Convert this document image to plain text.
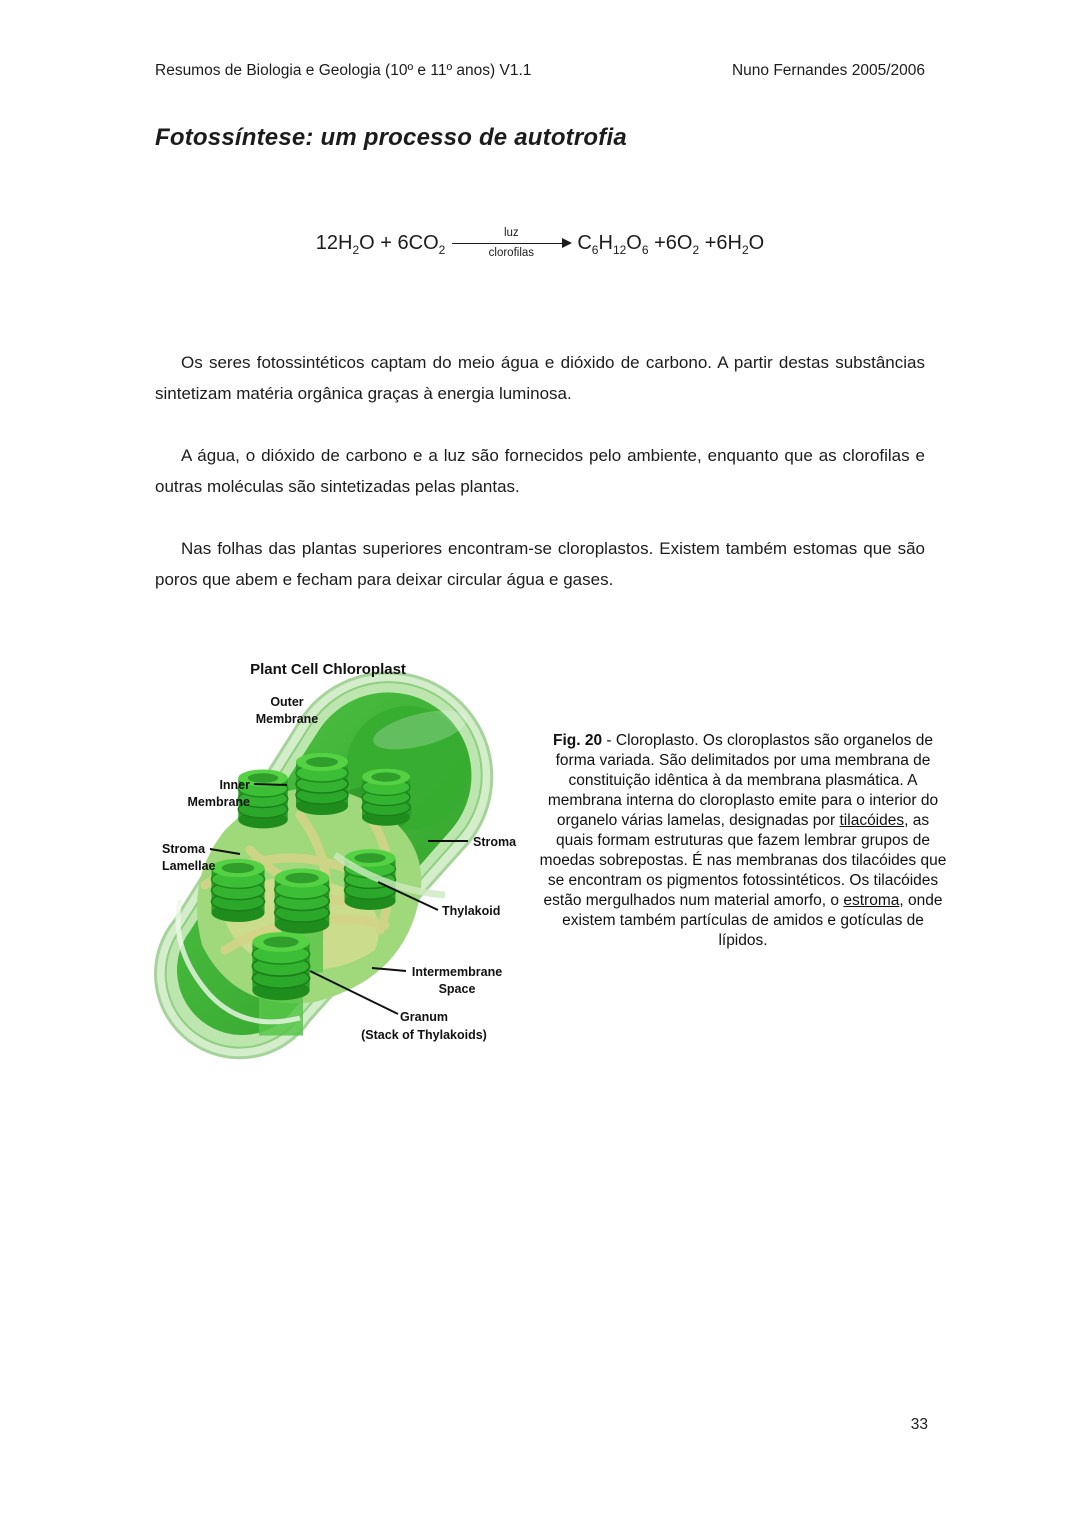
Resumos de Biologia e Geologia (10º e 11º anos) V1.1	Nuno Fernandes 2005/2006
Fotossíntese: um processo de autotrofia
$12H_2O + 6CO_2$
luz
clorofilas $C_6H_{12}O_6 +6O_2 +6H_2O$

Os seres fotossintéticos captam do meio água e dióxido de carbono. A partir destas substâncias sintetizam matéria orgânica graças à energia luminosa.

A água, o dióxido de carbono e a luz são fornecidos pelo ambiente, enquanto que as clorofilas e outras moléculas são sintetizadas pelas plantas.

Nas folhas das plantas superiores encontram-se cloroplastos. Existem também estomas que são poros que abem e fecham para deixar circular água e gases.

Plant Cell Chloroplast
Outer Membrane
Inner Membrane
Stroma Lamellae
Stroma
Thylakoid
Intermembrane Space
Granum (Stack of Thylakoids)
Fig. 20 - Cloroplasto. Os cloroplastos são organelos de forma variada. São delimitados por uma membrana de constituição idêntica à da membrana plasmática. A membrana interna do cloroplasto emite para o interior do organelo várias lamelas, designadas por tilacóides, as quais formam estruturas que fazem lembrar grupos de moedas sobrepostas. É nas membranas dos tilacóides que se encontram os pigmentos fotossintéticos. Os tilacóides estão mergulhados num material amorfo, o estroma, onde existem também partículas de amidos e gotículas de lípidos.
33
